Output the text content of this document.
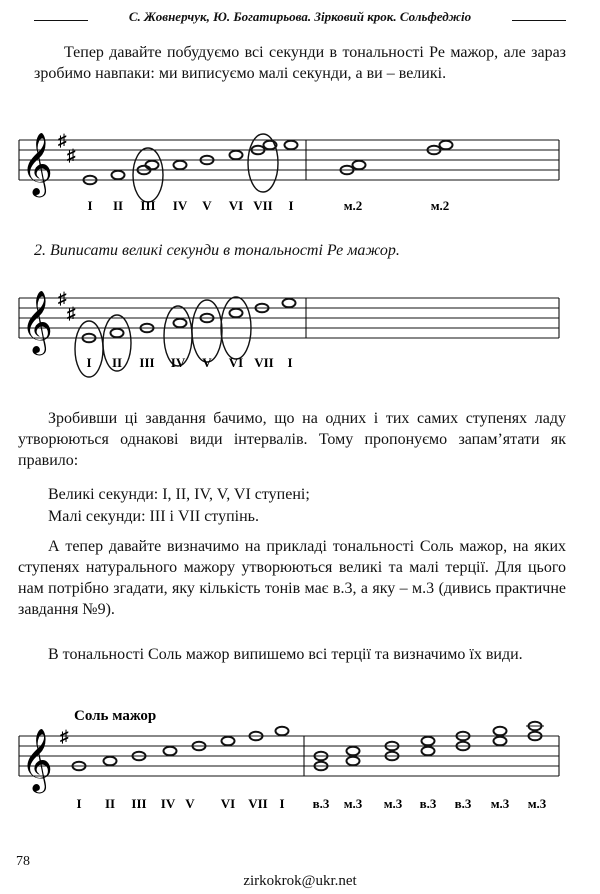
С. Жовнерчук, Ю. Богатирьова. Зірковий крок. Сольфеджіо
Тепер давайте побудуємо всі секунди в тональності Ре мажор, але зараз зробимо навпаки: ми виписуємо малі секунди, а ви – великі.
𝄞 ♯
♯
I II III IV V VI VII I	м.2	м.2
2. Виписати великі секунди в тональності Ре мажор.
𝄞 ♯
♯
I II III IV V VI VII I
Зробивши ці завдання бачимо, що на одних і тих самих ступенях ладу утворюються однакові види інтервалів. Тому пропонуємо запам’ятати як правило:
Великі секунди: I, II, IV, V, VI ступені;
Малі секунди: III і VII ступінь.
А тепер давайте визначимо на прикладі тональності Соль мажор, на яких ступенях натурального мажору утворюються великі та малі терції. Для цього нам потрібно згадати, яку кількість тонів має в.3, а яку – м.3 (дивись практичне завдання №9).
В тональності Соль мажор випишемо всі терції та визначимо їх види.
Соль мажор
𝄞 ♯
I II III IV V VI VII I в.3 м.3 м.3 в.3 в.3 м.3 м.3
78
zirkokrok@ukr.net
